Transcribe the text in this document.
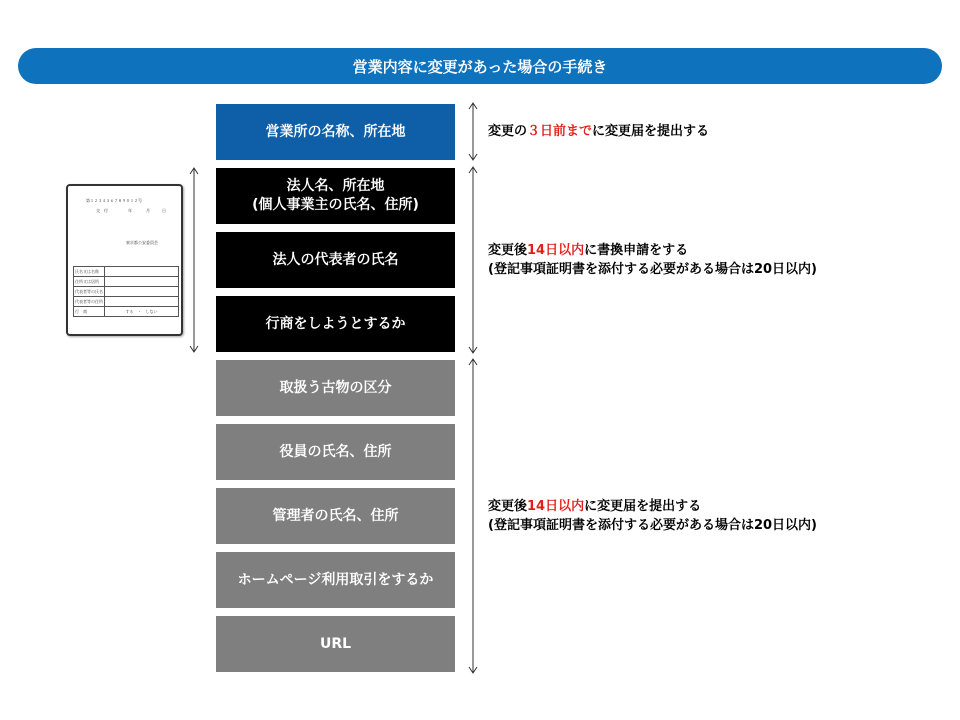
営業内容に変更があった場合の手続き
第１２３４５６７８９０１２号
交　付	年	月	日
東京都公安委員会
氏名又は名称	
住所又は居所	
代表者等の氏名	
代表者等の住所	
行　商	する　・　しない
営業所の名称、所在地
法人名、所在地
(個人事業主の氏名、住所)
法人の代表者の氏名
行商をしようとするか
取扱う古物の区分
役員の氏名、住所
管理者の氏名、住所
ホームページ利用取引をするか
URL
変更の３日前までに変更届を提出する
変更後14日以内に書換申請をする
(登記事項証明書を添付する必要がある場合は20日以内)
変更後14日以内に変更届を提出する
(登記事項証明書を添付する必要がある場合は20日以内)
